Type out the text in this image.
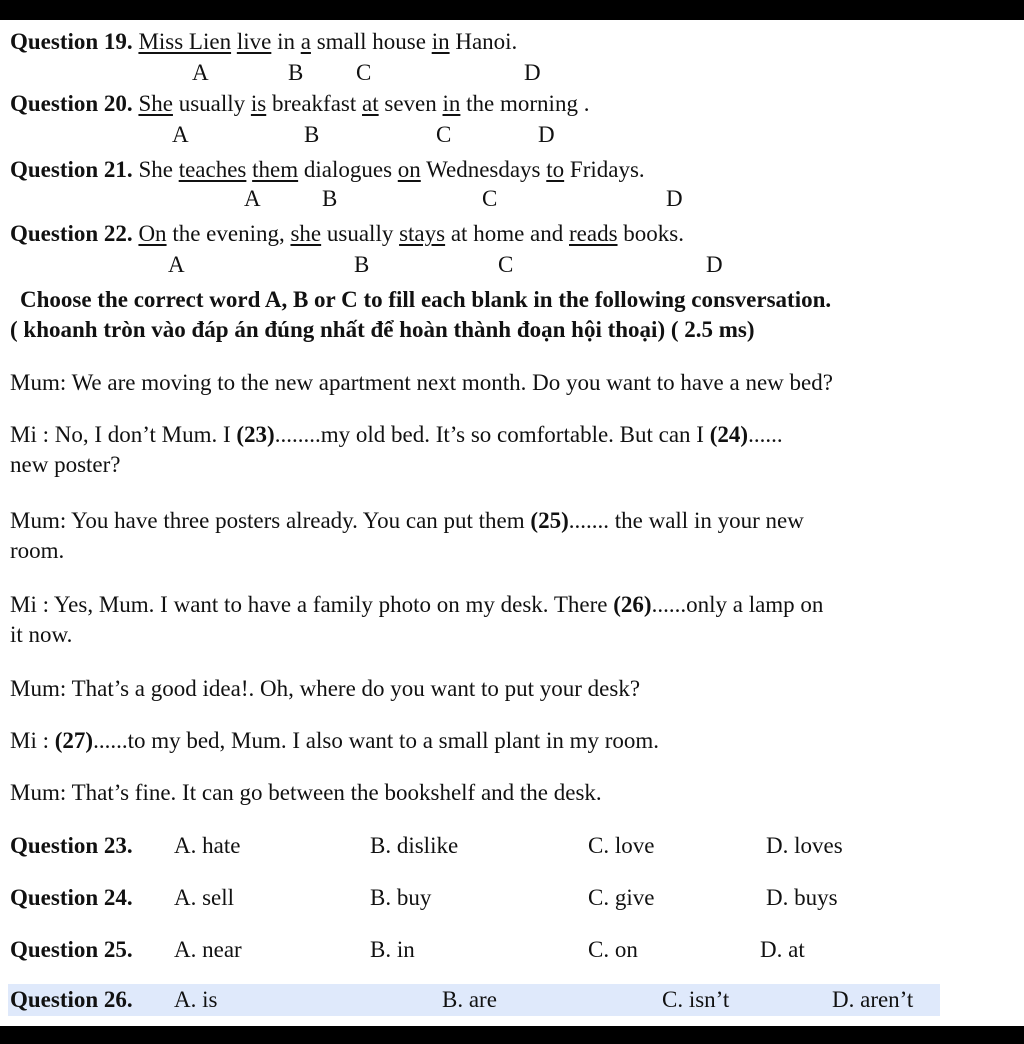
Question 19. Miss Lien live in a small house in Hanoi.
A	B C	D
Question 20. She usually is breakfast at seven in the morning .
A	B	C	D
Question 21. She teaches them dialogues on Wednesdays to Fridays.
A	B	C	D
Question 22. On the evening, she usually stays at home and reads books.
A	B	C	D
Choose the correct word A, B or C to fill each blank in the following consversation.
( khoanh tròn vào đáp án đúng nhất để hoàn thành đoạn hội thoại) ( 2.5 ms)

Mum: We are moving to the new apartment next month. Do you want to have a new bed?

Mi : No, I don’t Mum. I (23)........my old bed. It’s so comfortable. But can I (24)......

new poster?

Mum: You have three posters already. You can put them (25)....... the wall in your new

room.

Mi : Yes, Mum. I want to have a family photo on my desk. There (26)......only a lamp on

it now.

Mum: That’s a good idea!. Oh, where do you want to put your desk?

Mi : (27)......to my bed, Mum. I also want to a small plant in my room.

Mum: That’s fine. It can go between the bookshelf and the desk.

Question 23. A. hate	B. dislike	C. love	D. loves
Question 24. A. sell	B. buy	C. give	D. buys
Question 25. A. near	B. in	C. on	D. at
Question 26. A. is	B. are	C. isn’t	D. aren’t
